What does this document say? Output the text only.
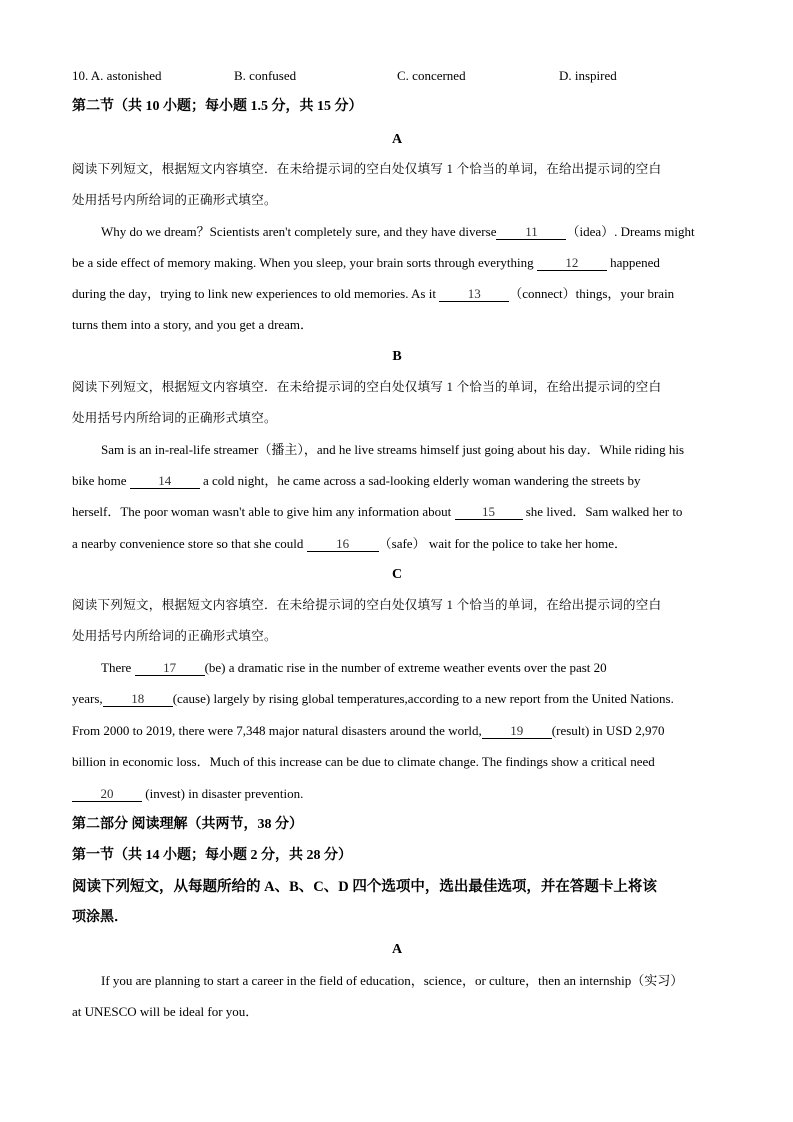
10. A. astonished	B. confused	C. concerned	D. inspired
第二节（共 10 小题；每小题 1.5 分，共 15 分）
A
阅读下列短文，根据短文内容填空．在未给提示词的空白处仅填写 1 个恰当的单词，在给出提示词的空白
处用括号内所给词的正确形式填空。
Why do we dream？Scientists aren't completely sure, and they have diverse 11 （idea）. Dreams might
be a side effect of memory making. When you sleep, your brain sorts through everything 12 happened
during the day，trying to link new experiences to old memories. As it 13 （connect）things，your brain
turns them into a story, and you get a dream．
B
阅读下列短文，根据短文内容填空．在未给提示词的空白处仅填写 1 个恰当的单词，在给出提示词的空白
处用括号内所给词的正确形式填空。
Sam is an in-real-life streamer（播主），and he live streams himself just going about his day．While riding his
bike home 14 a cold night，he came across a sad-looking elderly woman wandering the streets by
herself．The poor woman wasn't able to give him any information about 15 she lived．Sam walked her to
a nearby convenience store so that she could	16 （safe） wait for the police to take her home．
C
阅读下列短文，根据短文内容填空．在未给提示词的空白处仅填写 1 个恰当的单词，在给出提示词的空白
处用括号内所给词的正确形式填空。
There 17 (be) a dramatic rise in the number of extreme weather events over the past 20
years, 18 (cause) largely by rising global temperatures,according to a new report from the United Nations.
From 2000 to 2019, there were 7,348 major natural disasters around the world, 19 (result) in USD 2,970
billion in economic loss．Much of this increase can be due to climate change. The findings show a critical need
20 (invest) in disaster prevention.
第二部分 阅读理解（共两节，38 分）
第一节（共 14 小题；每小题 2 分，共 28 分）
阅读下列短文，从每题所给的 A、B、C、D 四个选项中，选出最佳选项，并在答题卡上将该
项涂黑．
A
If you are planning to start a career in the field of education，science，or culture，then an internship（实习）
at UNESCO will be ideal for you．
